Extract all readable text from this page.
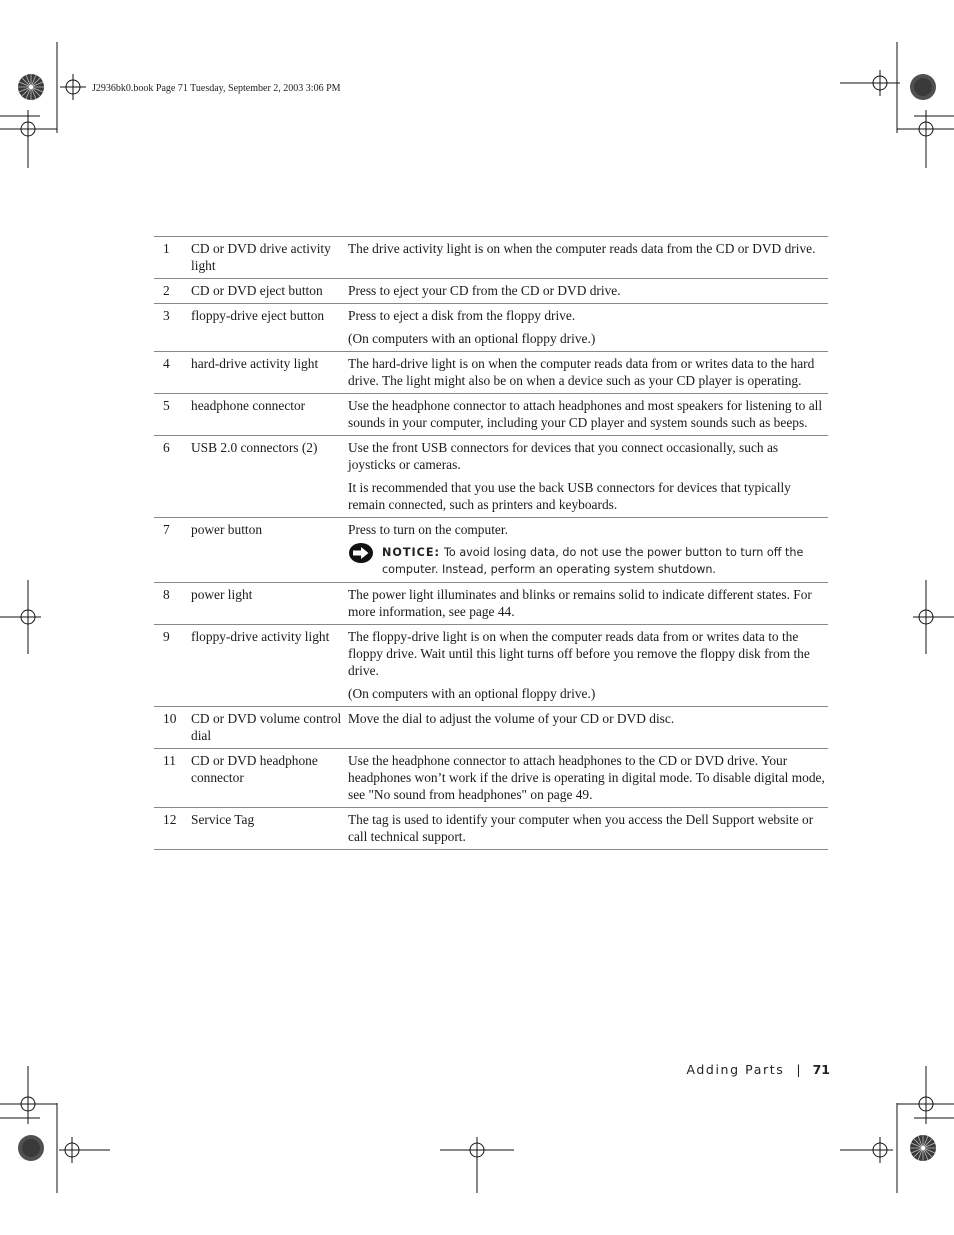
J2936bk0.book Page 71 Tuesday, September 2, 2003 3:06 PM
1	CD or DVD drive activity light	The drive activity light is on when the computer reads data from the CD or DVD drive.

2	CD or DVD eject button	Press to eject your CD from the CD or DVD drive.

3	floppy-drive eject button	Press to eject a disk from the floppy drive.

(On computers with an optional floppy drive.)

4	hard-drive activity light	The hard-drive light is on when the computer reads data from or writes data to the hard drive. The light might also be on when a device such as your CD player is operating.

5	headphone connector	Use the headphone connector to attach headphones and most speakers for listening to all sounds in your computer, including your CD player and system sounds such as beeps.

6	USB 2.0 connectors (2)	Use the front USB connectors for devices that you connect occasionally, such as joysticks or cameras.

It is recommended that you use the back USB connectors for devices that typically remain connected, such as printers and keyboards.

7	power button	Press to turn on the computer.

NOTICE: To avoid losing data, do not use the power button to turn off the computer. Instead, perform an operating system shutdown.

8	power light	The power light illuminates and blinks or remains solid to indicate different states. For more information, see page 44.

9	floppy-drive activity light	The floppy-drive light is on when the computer reads data from or writes data to the floppy drive. Wait until this light turns off before you remove the floppy disk from the drive.

(On computers with an optional floppy drive.)

10	CD or DVD volume control dial	Move the dial to adjust the volume of your CD or DVD disc.

11	CD or DVD headphone connector	Use the headphone connector to attach headphones to the CD or DVD drive. Your headphones won’t work if the drive is operating in digital mode. To disable digital mode, see "No sound from headphones" on page 49.

12	Service Tag	The tag is used to identify your computer when you access the Dell Support website or call technical support.

Adding Parts | 71
